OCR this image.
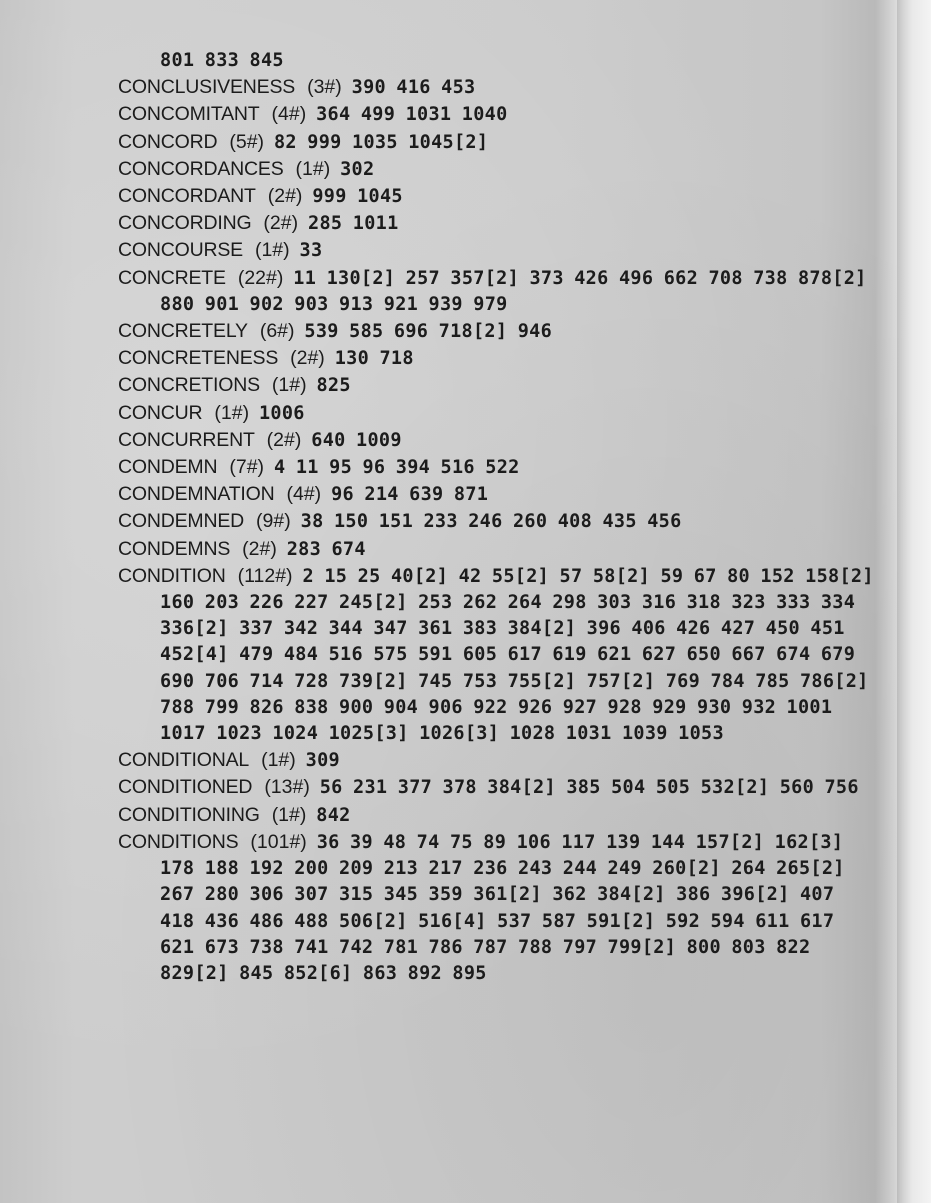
801 833 845
CONCLUSIVENESS (3#) 390 416 453
CONCOMITANT (4#) 364 499 1031 1040
CONCORD (5#) 82 999 1035 1045[2]
CONCORDANCES (1#) 302
CONCORDANT (2#) 999 1045
CONCORDING (2#) 285 1011
CONCOURSE (1#) 33
CONCRETE (22#) 11 130[2] 257 357[2] 373 426 496 662 708 738 878[2] 880 901 902 903 913 921 939 979
CONCRETELY (6#) 539 585 696 718[2] 946
CONCRETENESS (2#) 130 718
CONCRETIONS (1#) 825
CONCUR (1#) 1006
CONCURRENT (2#) 640 1009
CONDEMN (7#) 4 11 95 96 394 516 522
CONDEMNATION (4#) 96 214 639 871
CONDEMNED (9#) 38 150 151 233 246 260 408 435 456
CONDEMNS (2#) 283 674
CONDITION (112#) 2 15 25 40[2] 42 55[2] 57 58[2] 59 67 80 152 158[2] 160 203 226 227 245[2] 253 262 264 298 303 316 318 323 333 334 336[2] 337 342 344 347 361 383 384[2] 396 406 426 427 450 451 452[4] 479 484 516 575 591 605 617 619 621 627 650 667 674 679 690 706 714 728 739[2] 745 753 755[2] 757[2] 769 784 785 786[2] 788 799 826 838 900 904 906 922 926 927 928 929 930 932 1001 1017 1023 1024 1025[3] 1026[3] 1028 1031 1039 1053
CONDITIONAL (1#) 309
CONDITIONED (13#) 56 231 377 378 384[2] 385 504 505 532[2] 560 756
CONDITIONING (1#) 842
CONDITIONS (101#) 36 39 48 74 75 89 106 117 139 144 157[2] 162[3] 178 188 192 200 209 213 217 236 243 244 249 260[2] 264 265[2] 267 280 306 307 315 345 359 361[2] 362 384[2] 386 396[2] 407 418 436 486 488 506[2] 516[4] 537 587 591[2] 592 594 611 617 621 673 738 741 742 781 786 787 788 797 799[2] 800 803 822 829[2] 845 852[6] 863 892 895
